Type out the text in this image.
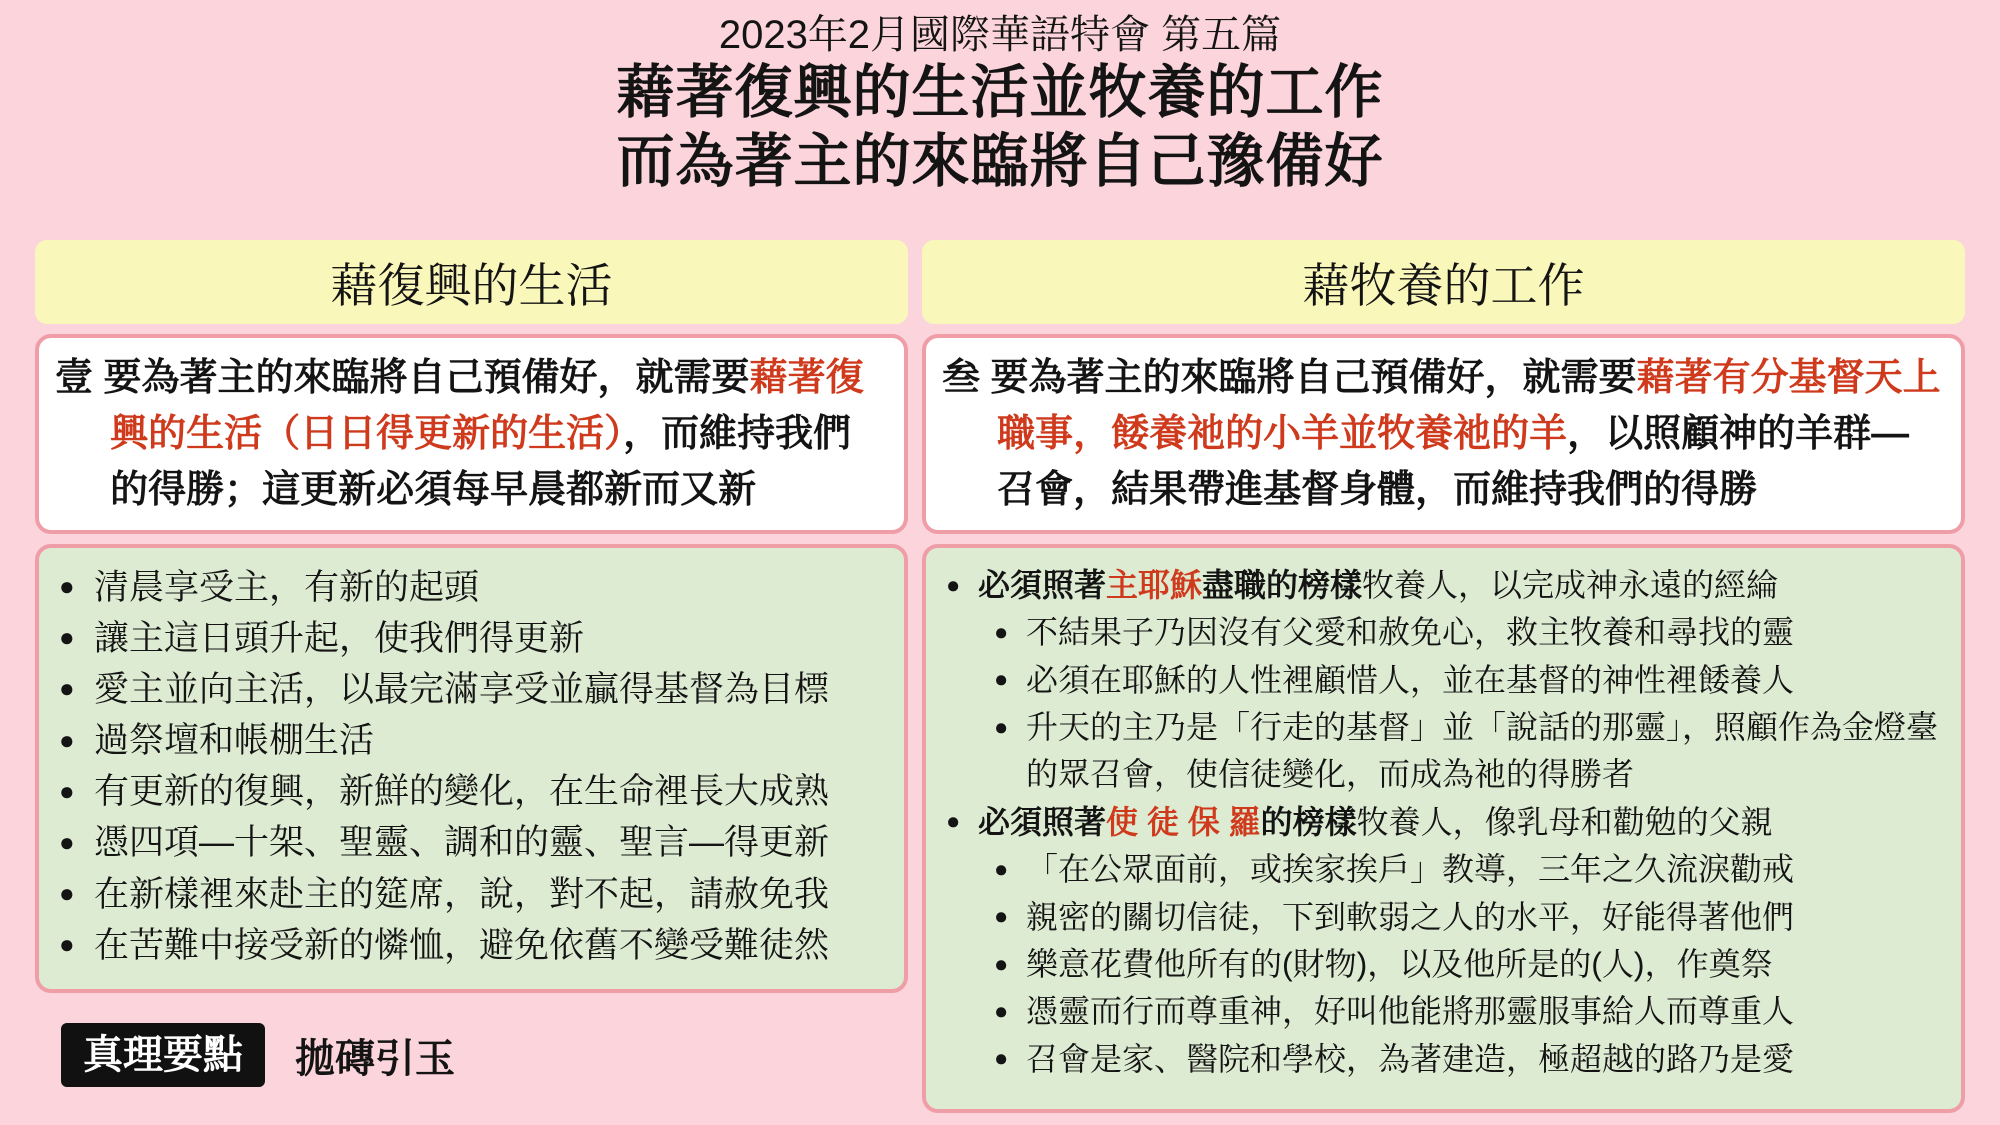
2023年2月國際華語特會 第五篇
藉著復興的生活並牧養的工作
而為著主的來臨將自己豫備好
藉復興的生活

壹 要為著主的來臨將自己預備好，就需要藉著復興的生活（日日得更新的生活），而維持我們的得勝；這更新必須每早晨都新而又新

● 清晨享受主，有新的起頭
● 讓主這日頭升起，使我們得更新
● 愛主並向主活，以最完滿享受並贏得基督為目標
● 過祭壇和帳棚生活
● 有更新的復興，新鮮的變化，在生命裡長大成熟
● 憑四項—十架、聖靈、調和的靈、聖言—得更新
● 在新樣裡來赴主的筵席，說，對不起，請赦免我
● 在苦難中接受新的憐恤，避免依舊不變受難徒然
真理要點	拋磚引玉
藉牧養的工作

叁 要為著主的來臨將自己預備好，就需要藉著有分基督天上職事，餧養祂的小羊並牧養祂的羊，以照顧神的羊群—召會，結果帶進基督身體，而維持我們的得勝

● 必須照著主耶穌盡職的榜樣牧養人，以完成神永遠的經綸
● 不結果子乃因沒有父愛和赦免心，救主牧養和尋找的靈
● 必須在耶穌的人性裡顧惜人，並在基督的神性裡餧養人
● 升天的主乃是「行走的基督」並「說話的那靈」，照顧作為金燈臺的眾召會，使信徒變化，而成為祂的得勝者
● 必須照著使 徒 保 羅的榜樣牧養人，像乳母和勸勉的父親
● 「在公眾面前，或挨家挨戶」教導，三年之久流淚勸戒
● 親密的關切信徒，下到軟弱之人的水平，好能得著他們
● 樂意花費他所有的(財物)，以及他所是的(人)，作奠祭
● 憑靈而行而尊重神，好叫他能將那靈服事給人而尊重人
● 召會是家、醫院和學校，為著建造，極超越的路乃是愛
